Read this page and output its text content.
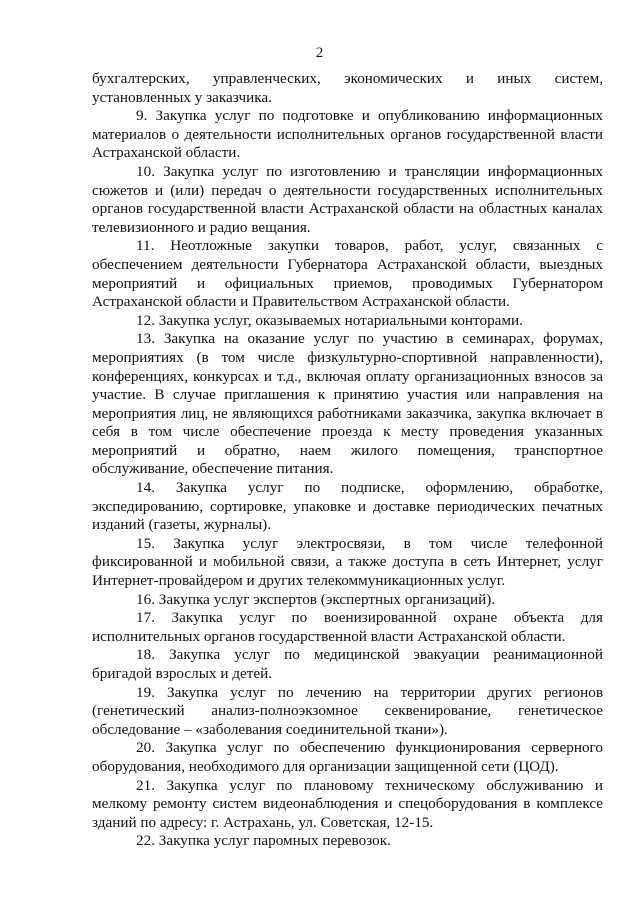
2

бухгалтерских, управленческих, экономических и иных систем, установленных у заказчика.

9. Закупка услуг по подготовке и опубликованию информационных материалов о деятельности исполнительных органов государственной власти Астраханской области.

10. Закупка услуг по изготовлению и трансляции информационных сюжетов и (или) передач о деятельности государственных исполнительных органов государственной власти Астраханской области на областных каналах телевизионного и радио вещания.

11. Неотложные закупки товаров, работ, услуг, связанных с обеспечением деятельности Губернатора Астраханской области, выездных мероприятий и официальных приемов, проводимых Губернатором Астраханской области и Правительством Астраханской области.

12. Закупка услуг, оказываемых нотариальными конторами.

13. Закупка на оказание услуг по участию в семинарах, форумах, мероприятиях (в том числе физкультурно-спортивной направленности), конференциях, конкурсах и т.д., включая оплату организационных взносов за участие. В случае приглашения к принятию участия или направления на мероприятия лиц, не являющихся работниками заказчика, закупка включает в себя в том числе обеспечение проезда к месту проведения указанных мероприятий и обратно, наем жилого помещения, транспортное обслуживание, обеспечение питания.

14. Закупка услуг по подписке, оформлению, обработке, экспедированию, сортировке, упаковке и доставке периодических печатных изданий (газеты, журналы).

15. Закупка услуг электросвязи, в том числе телефонной фиксированной и мобильной связи, а также доступа в сеть Интернет, услуг Интернет-провайдером и других телекоммуникационных услуг.

16. Закупка услуг экспертов (экспертных организаций).

17. Закупка услуг по военизированной охране объекта для исполнительных органов государственной власти Астраханской области.

18. Закупка услуг по медицинской эвакуации реанимационной бригадой взрослых и детей.

19. Закупка услуг по лечению на территории других регионов (генетический анализ-полноэкзомное секвенирование, генетическое обследование – «заболевания соединительной ткани»).

20. Закупка услуг по обеспечению функционирования серверного оборудования, необходимого для организации защищенной сети (ЦОД).

21. Закупка услуг по плановому техническому обслуживанию и мелкому ремонту систем видеонаблюдения и спецоборудования в комплексе зданий по адресу: г. Астрахань, ул. Советская, 12-15.

22. Закупка услуг паромных перевозок.
